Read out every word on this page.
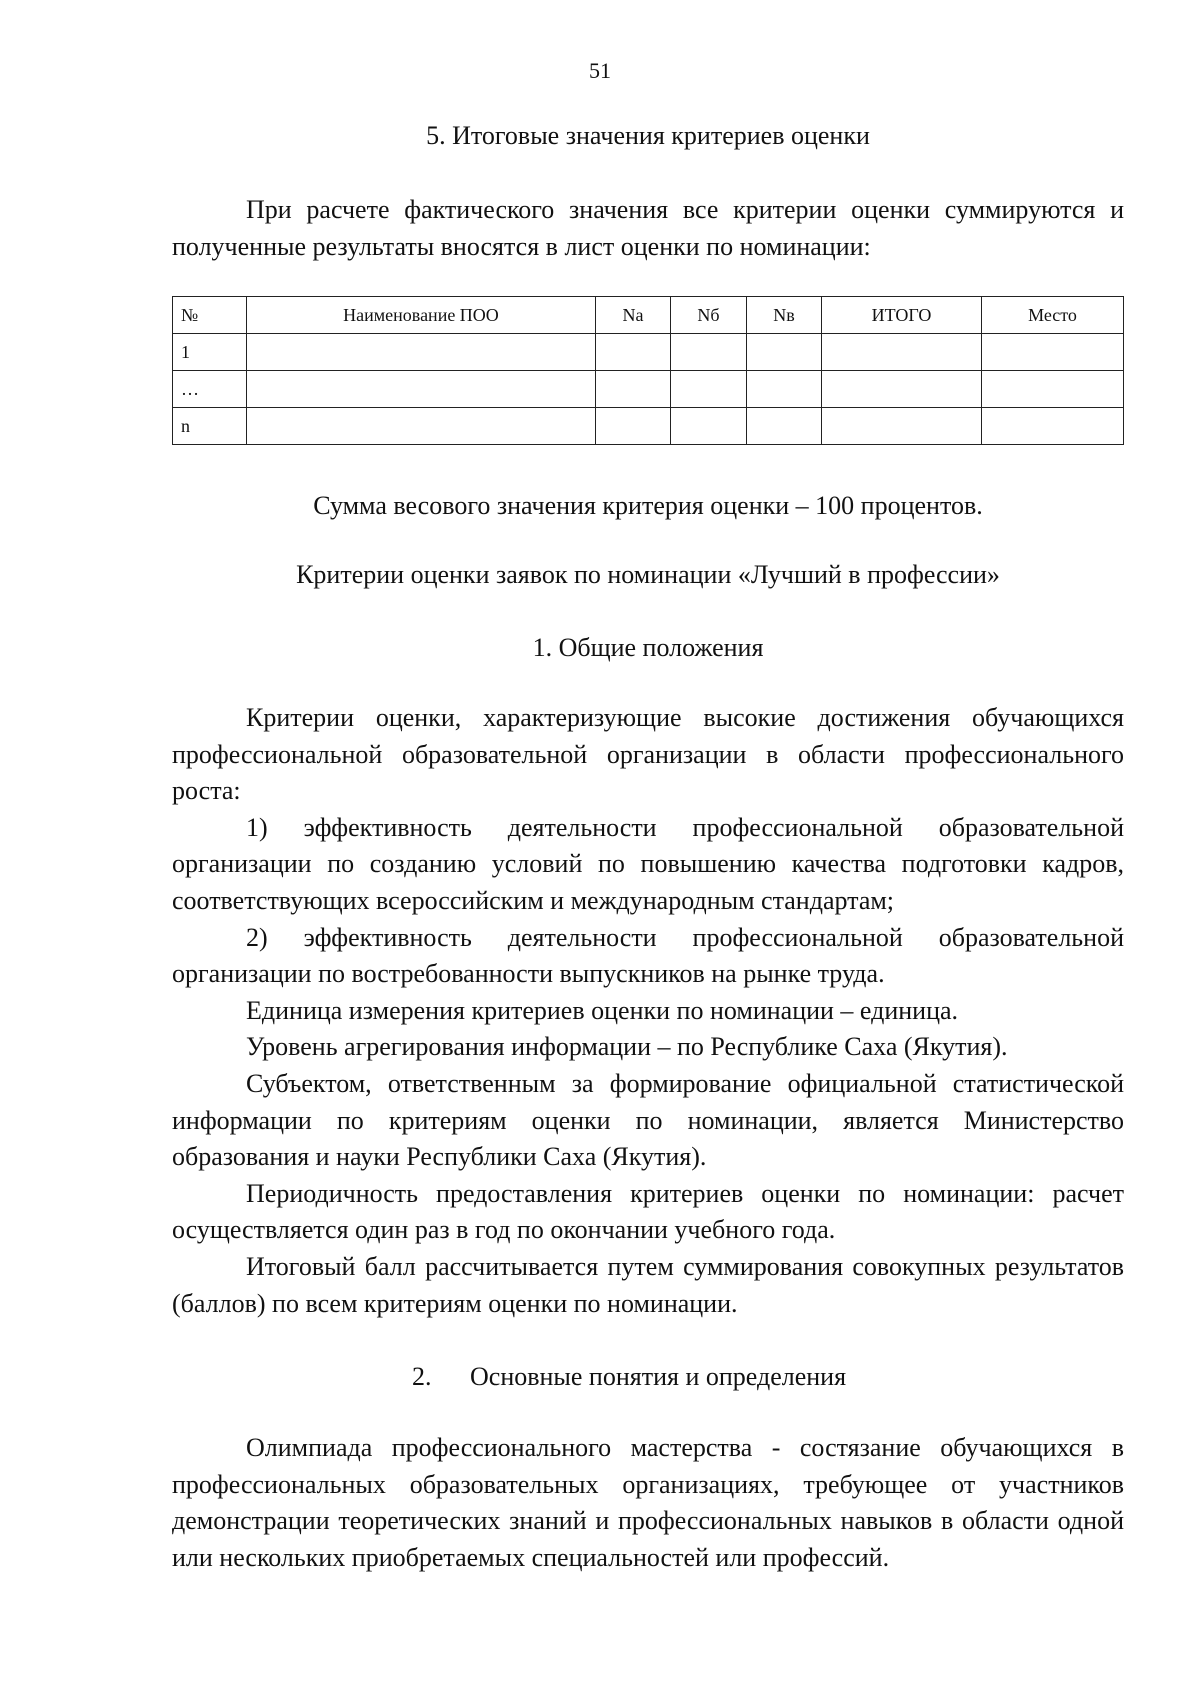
51
5. Итоговые значения критериев оценки
При расчете фактического значения все критерии оценки суммируются и полученные результаты вносятся в лист оценки по номинации:
№	Наименование ПОО	Nа	Nб	Nв	ИТОГО	Место
1						
…						
n						
Сумма весового значения критерия оценки – 100 процентов.
Критерии оценки заявок по номинации «Лучший в профессии»
1. Общие положения

Критерии оценки, характеризующие высокие достижения обучающихся профессиональной образовательной организации в области профессионального роста:

1) эффективность деятельности профессиональной образовательной организации по созданию условий по повышению качества подготовки кадров, соответствующих всероссийским и международным стандартам;

2) эффективность деятельности профессиональной образовательной организации по востребованности выпускников на рынке труда.

Единица измерения критериев оценки по номинации – единица.

Уровень агрегирования информации – по Республике Саха (Якутия).

Субъектом, ответственным за формирование официальной статистической информации по критериям оценки по номинации, является Министерство образования и науки Республики Саха (Якутия).

Периодичность предоставления критериев оценки по номинации: расчет осуществляется один раз в год по окончании учебного года.

Итоговый балл рассчитывается путем суммирования совокупных результатов (баллов) по всем критериям оценки по номинации.

2. Основные понятия и определения
Олимпиада профессионального мастерства - состязание обучающихся в профессиональных образовательных организациях, требующее от участников демонстрации теоретических знаний и профессиональных навыков в области одной или нескольких приобретаемых специальностей или профессий.
